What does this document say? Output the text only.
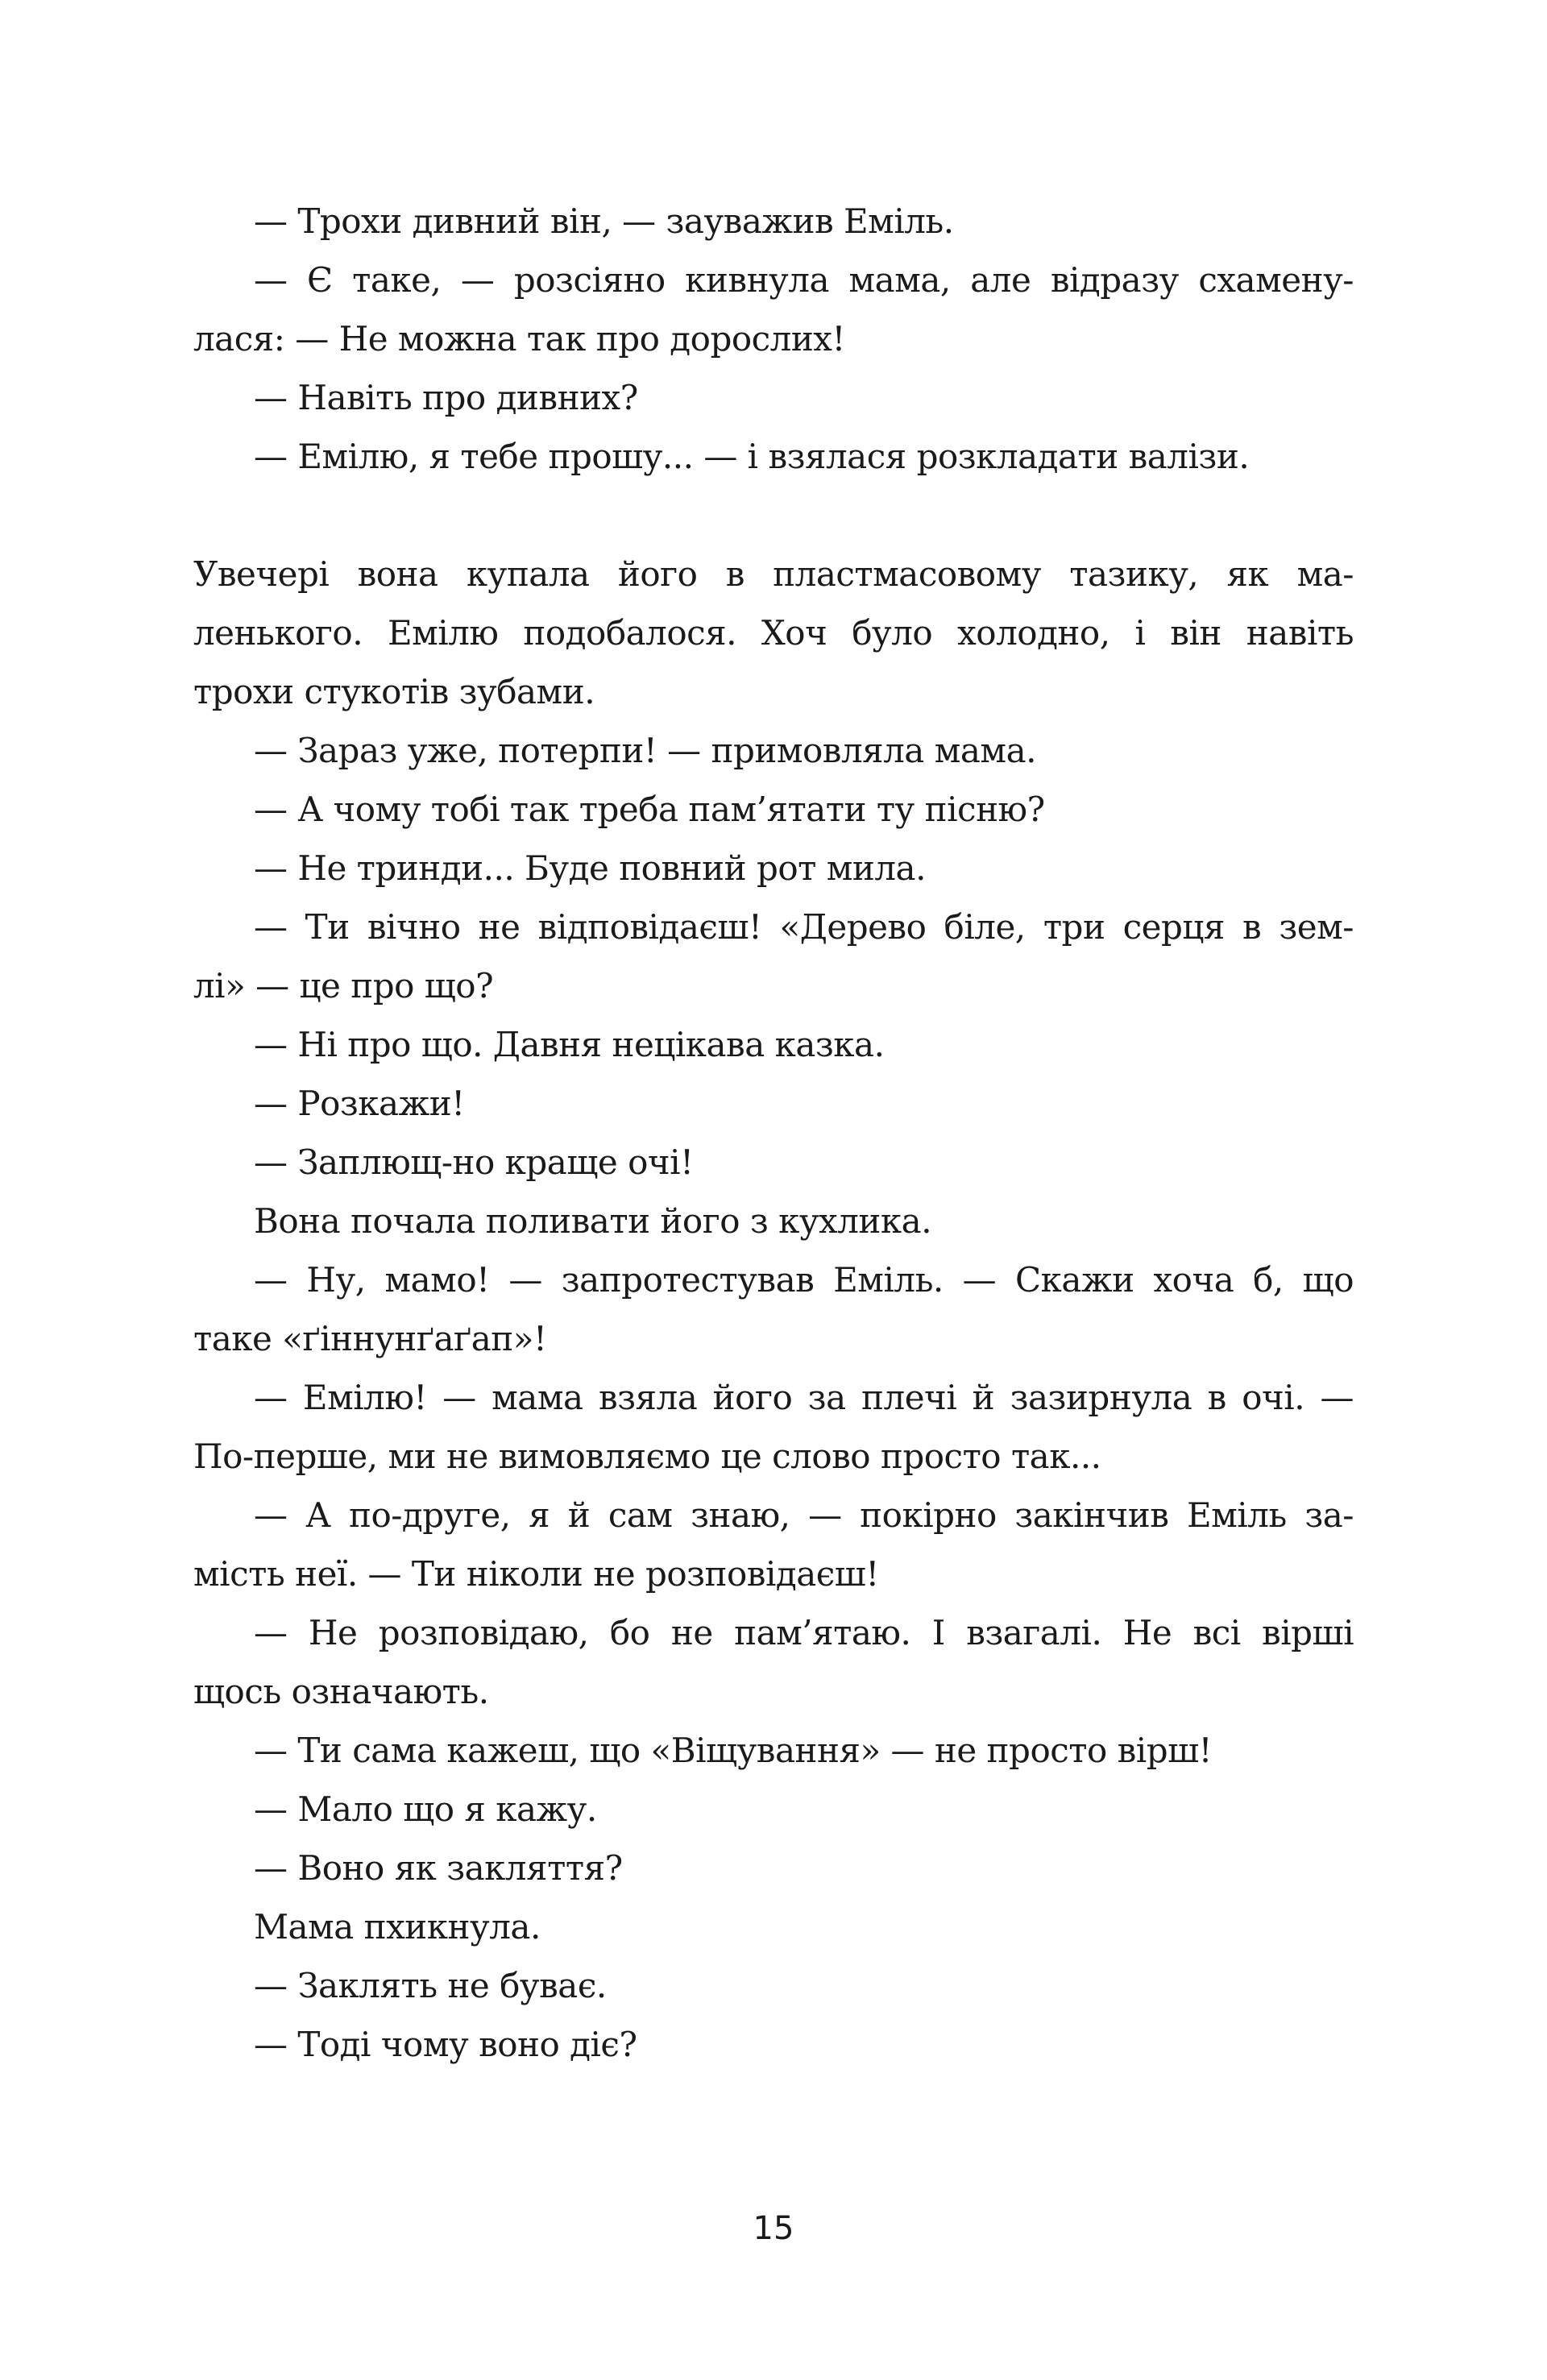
— Трохи дивний він, — зауважив Еміль.
— Є таке, — розсіяно кивнула мама, але відразу схамену-
лася: — Не можна так про дорослих!
— Навіть про дивних?
— Емілю, я тебе прошу... — і взялася розкладати валізи.
Увечері вона купала його в пластмасовому тазику, як ма-
ленького. Емілю подобалося. Хоч було холодно, і він навіть
трохи стукотів зубами.
— Зараз уже, потерпи! — примовляла мама.
— А чому тобі так треба пам’ятати ту пісню?
— Не тринди... Буде повний рот мила.
— Ти вічно не відповідаєш! «Дерево біле, три серця в зем-
лі» — це про що?
— Ні про що. Давня нецікава казка.
— Розкажи!
— Заплющ-но краще очі!
Вона почала поливати його з кухлика.
— Ну, мамо! — запротестував Еміль. — Скажи хоча б, що
таке «ґіннунґаґап»!
— Емілю! — мама взяла його за плечі й зазирнула в очі. —
По-перше, ми не вимовляємо це слово просто так...
— А по-друге, я й сам знаю, — покірно закінчив Еміль за-
мість неї. — Ти ніколи не розповідаєш!
— Не розповідаю, бо не пам’ятаю. І взагалі. Не всі вірші
щось означають.
— Ти сама кажеш, що «Віщування» — не просто вірш!
— Мало що я кажу.
— Воно як закляття?
Мама пхикнула.
— Заклять не буває.
— Тоді чому воно діє?
15
